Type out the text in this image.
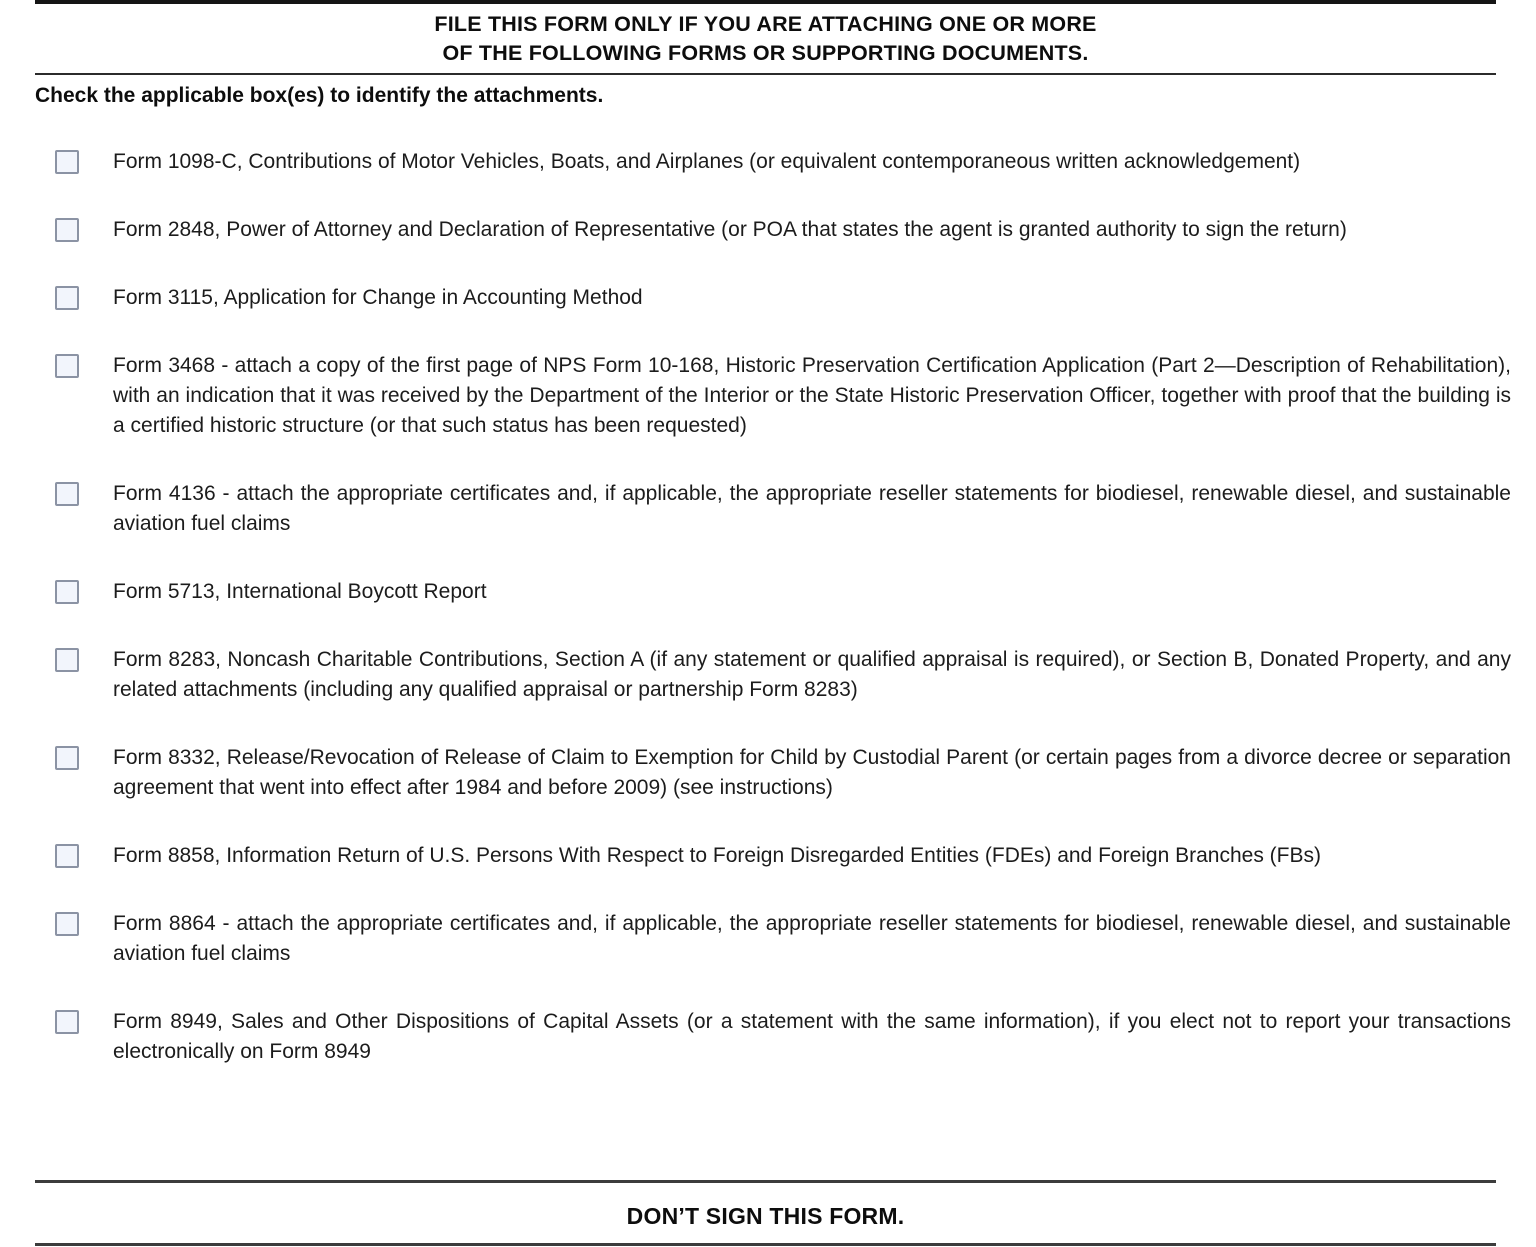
FILE THIS FORM ONLY IF YOU ARE ATTACHING ONE OR MORE
OF THE FOLLOWING FORMS OR SUPPORTING DOCUMENTS.
Check the applicable box(es) to identify the attachments.
Form 1098-C, Contributions of Motor Vehicles, Boats, and Airplanes (or equivalent contemporaneous written acknowledgement)
Form 2848, Power of Attorney and Declaration of Representative (or POA that states the agent is granted authority to sign the return)
Form 3115, Application for Change in Accounting Method
Form 3468 - attach a copy of the first page of NPS Form 10-168, Historic Preservation Certification Application (Part 2—Description of Rehabilitation), with an indication that it was received by the Department of the Interior or the State Historic Preservation Officer, together with proof that the building is a certified historic structure (or that such status has been requested)
Form 4136 - attach the appropriate certificates and, if applicable, the appropriate reseller statements for biodiesel, renewable diesel, and sustainable aviation fuel claims
Form 5713, International Boycott Report
Form 8283, Noncash Charitable Contributions, Section A (if any statement or qualified appraisal is required), or Section B, Donated Property, and any related attachments (including any qualified appraisal or partnership Form 8283)
Form 8332, Release/Revocation of Release of Claim to Exemption for Child by Custodial Parent (or certain pages from a divorce decree or separation agreement that went into effect after 1984 and before 2009) (see instructions)
Form 8858, Information Return of U.S. Persons With Respect to Foreign Disregarded Entities (FDEs) and Foreign Branches (FBs)
Form 8864 - attach the appropriate certificates and, if applicable, the appropriate reseller statements for biodiesel, renewable diesel, and sustainable aviation fuel claims
Form 8949, Sales and Other Dispositions of Capital Assets (or a statement with the same information), if you elect not to report your transactions electronically on Form 8949
DON’T SIGN THIS FORM.
